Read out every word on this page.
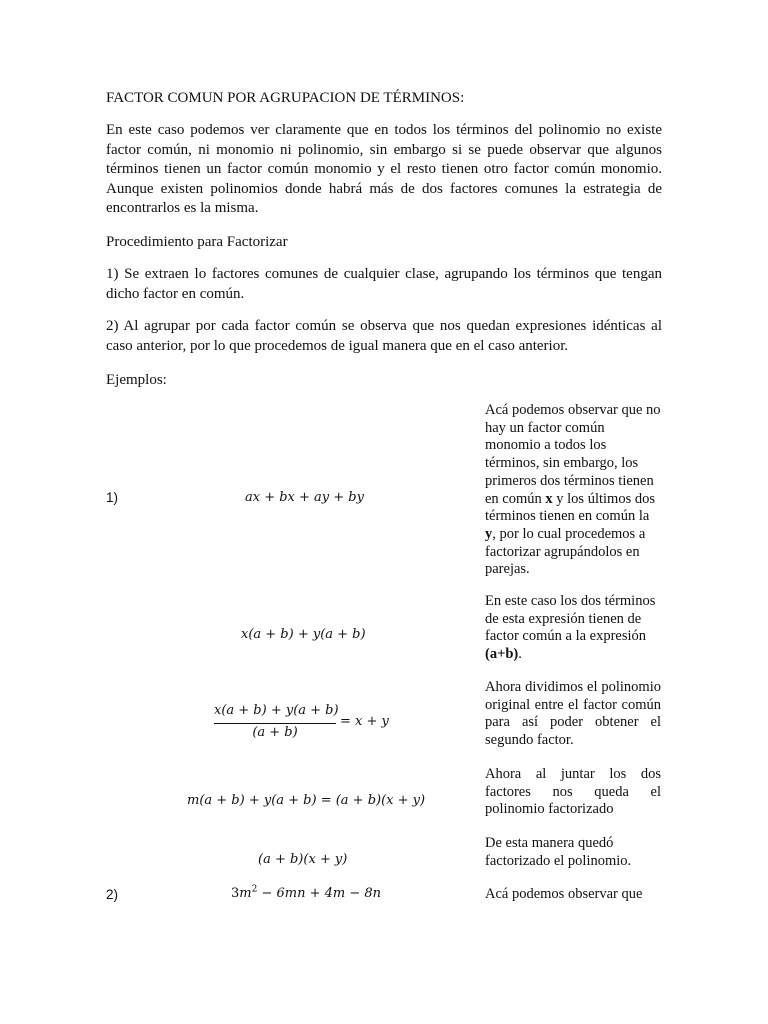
FACTOR COMUN POR AGRUPACION DE TÉRMINOS:

En este caso podemos ver claramente que en todos los términos del polinomio no existe factor común, ni monomio ni polinomio, sin embargo si se puede observar que algunos términos tienen un factor común monomio y el resto tienen otro factor común monomio. Aunque existen polinomios donde habrá más de dos factores comunes la estrategia de encontrarlos es la misma.

Procedimiento para Factorizar

1) Se extraen lo factores comunes de cualquier clase, agrupando los términos que tengan dicho factor en común.

2) Al agrupar por cada factor común se observa que nos quedan expresiones idénticas al caso anterior, por lo que procedemos de igual manera que en el caso anterior.

Ejemplos:

1)	ax + bx + ay + by

Acá podemos observar que no hay un factor común monomio a todos los términos, sin embargo, los primeros dos términos tienen en común x y los últimos dos términos tienen en común la y, por lo cual procedemos a factorizar agrupándolos en parejas.

x(a + b) + y(a + b)

En este caso los dos términos de esta expresión tienen de factor común a la expresión (a+b).

x(a + b) + y(a + b)
(a + b)
= x + y

Ahora dividimos el polinomio original entre el factor común para así poder obtener el segundo factor.

m(a + b) + y(a + b) = (a + b)(x + y)

Ahora al juntar los dos factores nos queda el polinomio factorizado

(a + b)(x + y)

De esta manera quedó factorizado el polinomio.

2)	$3m^2 - 6mn + 4m - 8n$	Acá podemos observar que
